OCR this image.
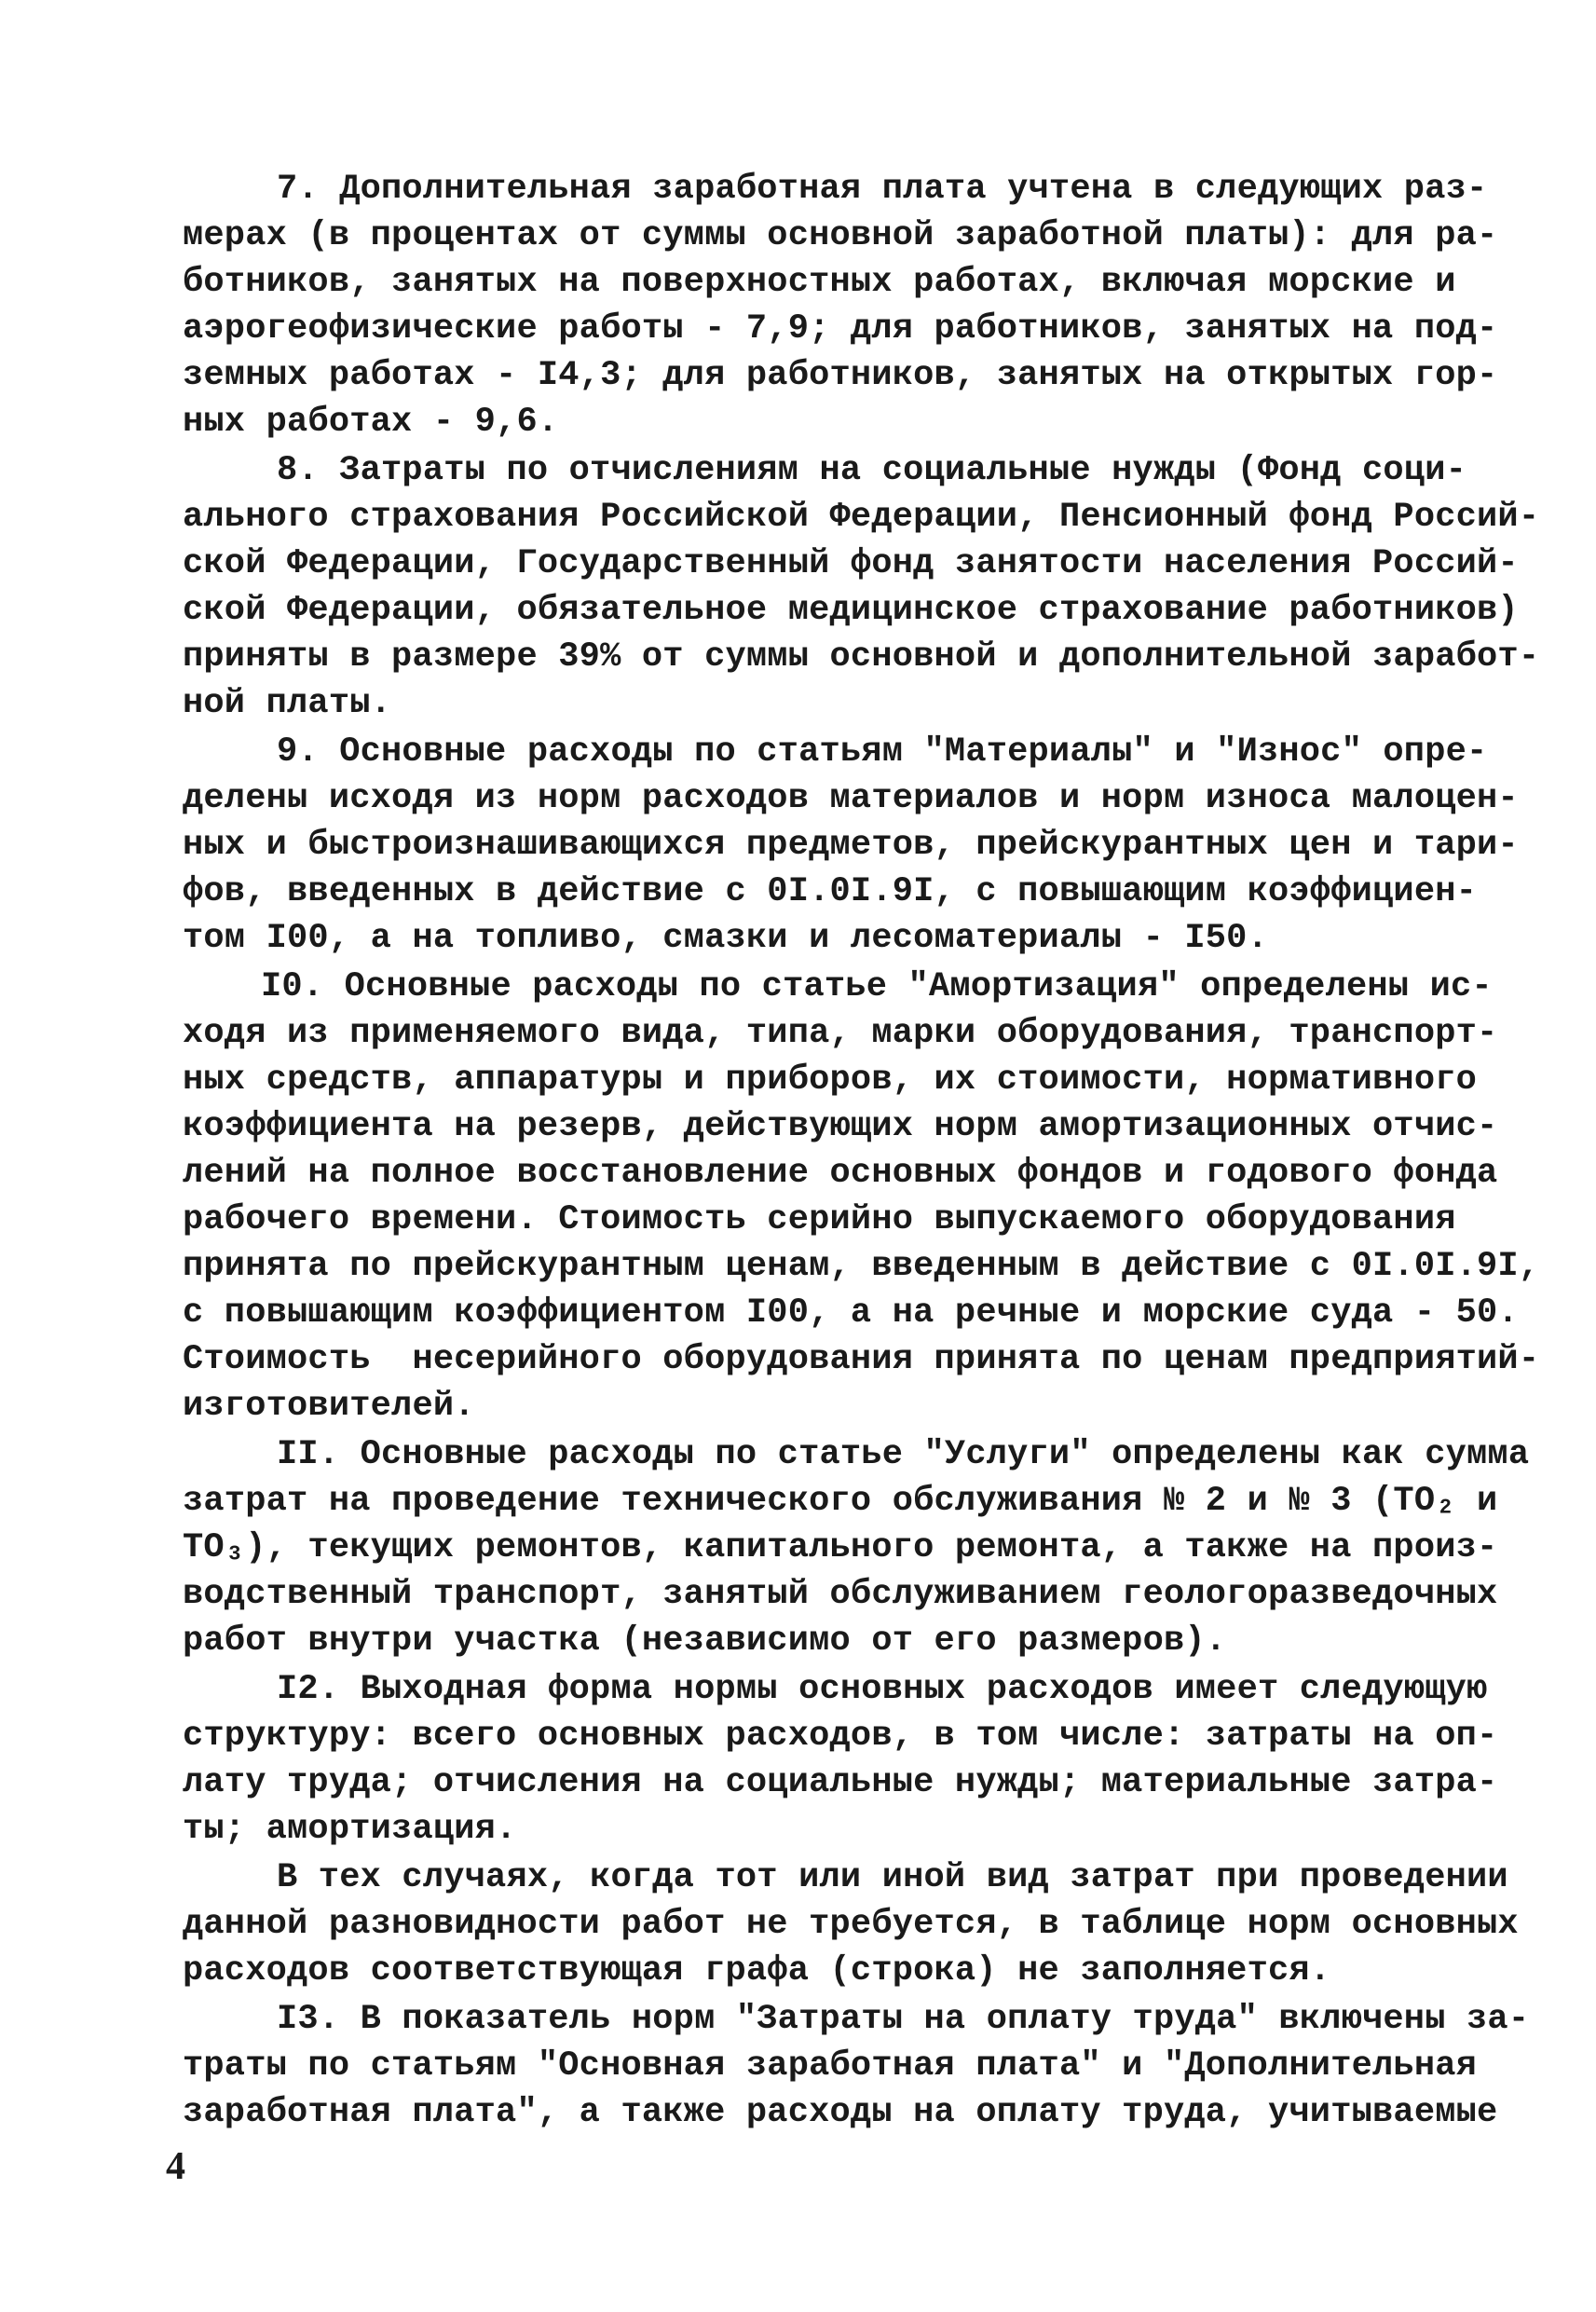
7. Дополнительная заработная плата учтена в следующих раз-
мерах (в процентах от суммы основной заработной платы): для ра-
ботников, занятых на поверхностных работах, включая морские и
аэрогеофизические работы - 7,9; для работников, занятых на под-
земных работах - I4,3; для работников, занятых на открытых гор-
ных работах - 9,6.
8. Затраты по отчислениям на социальные нужды (Фонд соци-
ального страхования Российской Федерации, Пенсионный фонд Россий-
ской Федерации, Государственный фонд занятости населения Россий-
ской Федерации, обязательное медицинское страхование работников)
приняты в размере 39% от суммы основной и дополнительной заработ-
ной платы.
9. Основные расходы по статьям "Материалы" и "Износ" опре-
делены исходя из норм расходов материалов и норм износа малоцен-
ных и быстроизнашивающихся предметов, прейскурантных цен и тари-
фов, введенных в действие с 0I.0I.9I, с повышающим коэффициен-
том I00, а на топливо, смазки и лесоматериалы - I50.
I0. Основные расходы по статье "Амортизация" определены ис-
ходя из применяемого вида, типа, марки оборудования, транспорт-
ных средств, аппаратуры и приборов, их стоимости, нормативного
коэффициента на резерв, действующих норм амортизационных отчис-
лений на полное восстановление основных фондов и годового фонда
рабочего времени. Стоимость серийно выпускаемого оборудования
принята по прейскурантным ценам, введенным в действие с 0I.0I.9I,
с повышающим коэффициентом I00, а на речные и морские суда - 50.
Стоимость  несерийного оборудования принята по ценам предприятий-
изготовителей.
II. Основные расходы по статье "Услуги" определены как сумма
затрат на проведение технического обслуживания № 2 и № 3 (ТО₂ и
ТО₃), текущих ремонтов, капитального ремонта, а также на произ-
водственный транспорт, занятый обслуживанием геологоразведочных
работ внутри участка (независимо от его размеров).
I2. Выходная форма нормы основных расходов имеет следующую
структуру: всего основных расходов, в том числе: затраты на оп-
лату труда; отчисления на социальные нужды; материальные затра-
ты; амортизация.
В тех случаях, когда тот или иной вид затрат при проведении
данной разновидности работ не требуется, в таблице норм основных
расходов соответствующая графа (строка) не заполняется.
I3. В показатель норм "Затраты на оплату труда" включены за-
траты по статьям "Основная заработная плата" и "Дополнительная
заработная плата", а также расходы на оплату труда, учитываемые
4
